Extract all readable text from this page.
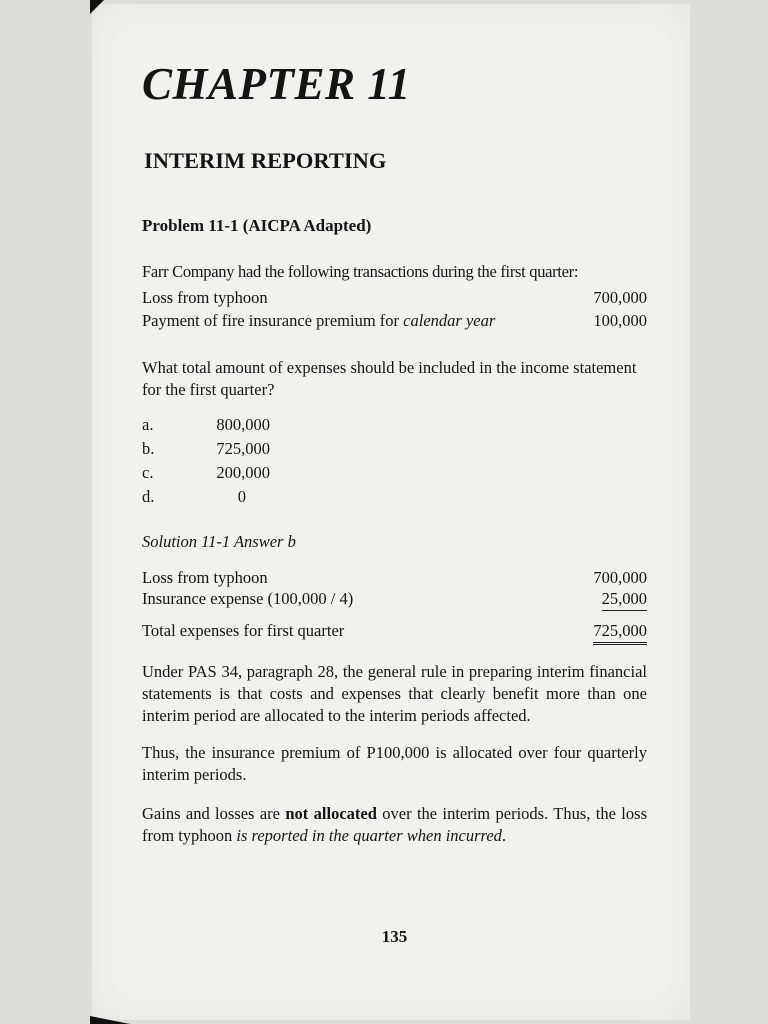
CHAPTER 11
INTERIM REPORTING
Problem 11-1 (AICPA Adapted)
Farr Company had the following transactions during the first quarter:
Loss from typhoon	700,000
Payment of fire insurance premium for calendar year	100,000
What total amount of expenses should be included in the income statement for the first quarter?
a.	800,000
b.	725,000
c.	200,000
d.	0
Solution 11-1 Answer b
Loss from typhoon	700,000
Insurance expense (100,000 / 4)	25,000
Total expenses for first quarter	725,000
Under PAS 34, paragraph 28, the general rule in preparing interim financial statements is that costs and expenses that clearly benefit more than one interim period are allocated to the interim periods affected.
Thus, the insurance premium of P100,000 is allocated over four quarterly interim periods.
Gains and losses are not allocated over the interim periods. Thus, the loss from typhoon is reported in the quarter when incurred.
135
